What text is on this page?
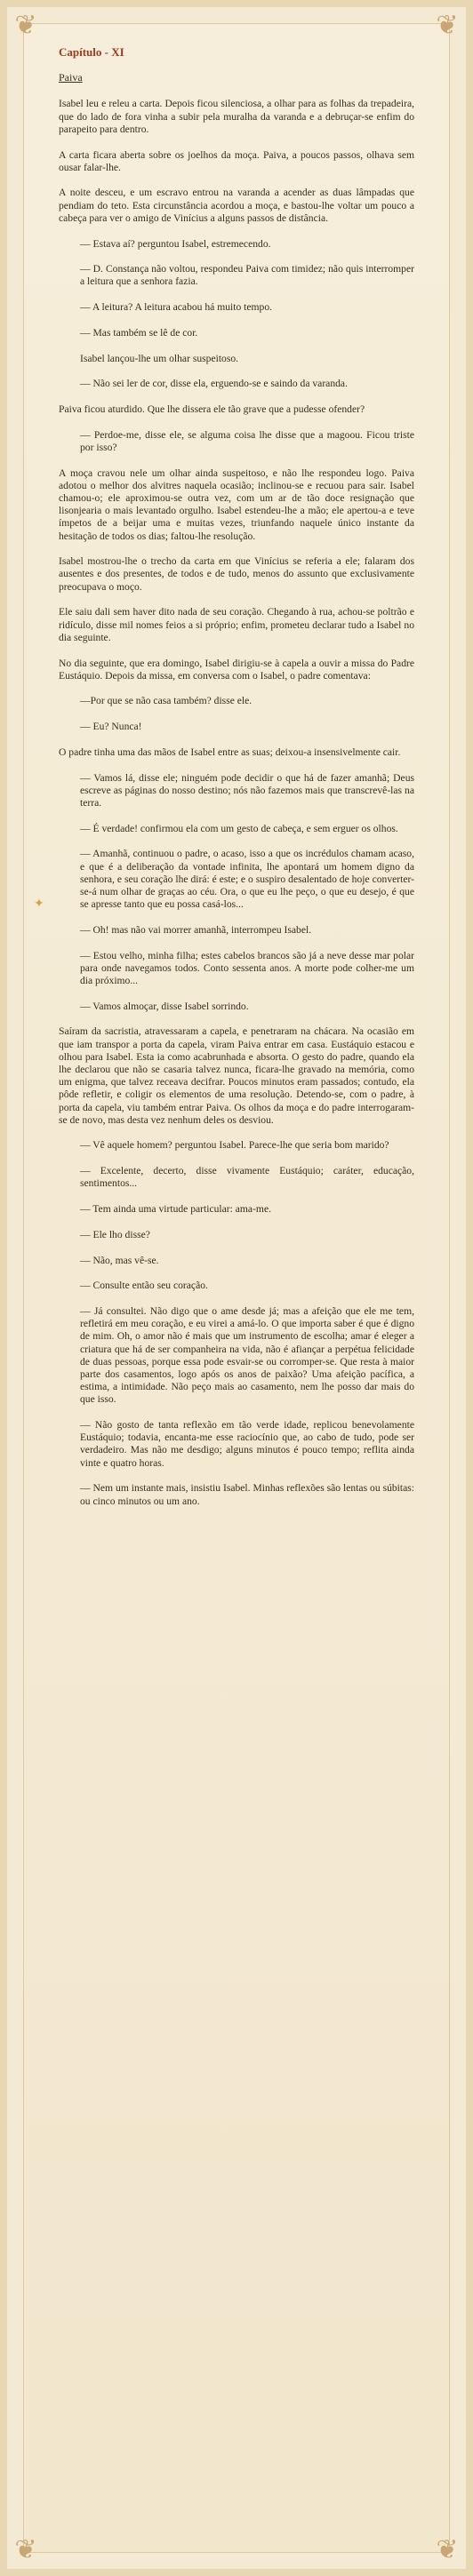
❦	❦
❦	❦
Capítulo - XI
Paiva

Isabel leu e releu a carta. Depois ficou silenciosa, a olhar para as folhas da trepadeira, que do lado de fora vinha a subir pela muralha da varanda e a debruçar-se enfim do parapeito para dentro.

A carta ficara aberta sobre os joelhos da moça. Paiva, a poucos passos, olhava sem ousar falar-lhe.

A noite desceu, e um escravo entrou na varanda a acender as duas lâmpadas que pendiam do teto. Esta circunstância acordou a moça, e bastou-lhe voltar um pouco a cabeça para ver o amigo de Vinícius a alguns passos de distância.

— Estava aí? perguntou Isabel, estremecendo.

— D. Constança não voltou, respondeu Paiva com timidez; não quis interromper a leitura que a senhora fazia.

— A leitura? A leitura acabou há muito tempo.

— Mas também se lê de cor.

Isabel lançou-lhe um olhar suspeitoso.

— Não sei ler de cor, disse ela, erguendo-se e saindo da varanda.

Paiva ficou aturdido. Que lhe dissera ele tão grave que a pudesse ofender?

— Perdoe-me, disse ele, se alguma coisa lhe disse que a magoou. Ficou triste por isso?

A moça cravou nele um olhar ainda suspeitoso, e não lhe respondeu logo. Paiva adotou o melhor dos alvitres naquela ocasião; inclinou-se e recuou para sair. Isabel chamou-o; ele aproximou-se outra vez, com um ar de tão doce resignação que lisonjearia o mais levantado orgulho. Isabel estendeu-lhe a mão; ele apertou-a e teve ímpetos de a beijar uma e muitas vezes, triunfando naquele único instante da hesitação de todos os dias; faltou-lhe resolução.

Isabel mostrou-lhe o trecho da carta em que Vinícius se referia a ele; falaram dos ausentes e dos presentes, de todos e de tudo, menos do assunto que exclusivamente preocupava o moço.

Ele saiu dali sem haver dito nada de seu coração. Chegando à rua, achou-se poltrão e ridículo, disse mil nomes feios a si próprio; enfim, prometeu declarar tudo a Isabel no dia seguinte.

No dia seguinte, que era domingo, Isabel dirigiu-se à capela a ouvir a missa do Padre Eustáquio. Depois da missa, em conversa com o Isabel, o padre comentava:

—Por que se não casa também? disse ele.

— Eu? Nunca!

O padre tinha uma das mãos de Isabel entre as suas; deixou-a insensivelmente cair.

— Vamos lá, disse ele; ninguém pode decidir o que há de fazer amanhã; Deus escreve as páginas do nosso destino; nós não fazemos mais que transcrevê-las na terra.

— É verdade! confirmou ela com um gesto de cabeça, e sem erguer os olhos.

— Amanhã, continuou o padre, o acaso, isso a que os incrédulos chamam acaso, e que é a deliberação da vontade infinita, lhe apontará um homem digno da senhora, e seu coração lhe dirá: é este; e o suspiro desalentado de hoje converter-se-á num olhar de graças ao céu. Ora, o que eu lhe peço, o que eu desejo, é que se apresse tanto que eu possa casá-los...
✦

— Oh! mas não vai morrer amanhã, interrompeu Isabel.

— Estou velho, minha filha; estes cabelos brancos são já a neve desse mar polar para onde navegamos todos. Conto sessenta anos. A morte pode colher-me um dia próximo...

— Vamos almoçar, disse Isabel sorrindo.

Saíram da sacristia, atravessaram a capela, e penetraram na chácara. Na ocasião em que iam transpor a porta da capela, viram Paiva entrar em casa. Eustáquio estacou e olhou para Isabel. Esta ia como acabrunhada e absorta. O gesto do padre, quando ela lhe declarou que não se casaria talvez nunca, ficara-lhe gravado na memória, como um enigma, que talvez receava decifrar. Poucos minutos eram passados; contudo, ela pôde refletir, e coligir os elementos de uma resolução. Detendo-se, com o padre, à porta da capela, viu também entrar Paiva. Os olhos da moça e do padre interrogaram-se de novo, mas desta vez nenhum deles os desviou.

— Vê aquele homem? perguntou Isabel. Parece-lhe que seria bom marido?

— Excelente, decerto, disse vivamente Eustáquio; caráter, educação, sentimentos...

— Tem ainda uma virtude particular: ama-me.

— Ele lho disse?

— Não, mas vê-se.

— Consulte então seu coração.

— Já consultei. Não digo que o ame desde já; mas a afeição que ele me tem, refletirá em meu coração, e eu virei a amá-lo. O que importa saber é que é digno de mim. Oh, o amor não é mais que um instrumento de escolha; amar é eleger a criatura que há de ser companheira na vida, não é afiançar a perpétua felicidade de duas pessoas, porque essa pode esvair-se ou corromper-se. Que resta à maior parte dos casamentos, logo após os anos de paixão? Uma afeição pacífica, a estima, a intimidade. Não peço mais ao casamento, nem lhe posso dar mais do que isso.

— Não gosto de tanta reflexão em tão verde idade, replicou benevolamente Eustáquio; todavia, encanta-me esse raciocínio que, ao cabo de tudo, pode ser verdadeiro. Mas não me desdigo; alguns minutos é pouco tempo; reflita ainda vinte e quatro horas.

— Nem um instante mais, insistiu Isabel. Minhas reflexões são lentas ou súbitas: ou cinco minutos ou um ano.
